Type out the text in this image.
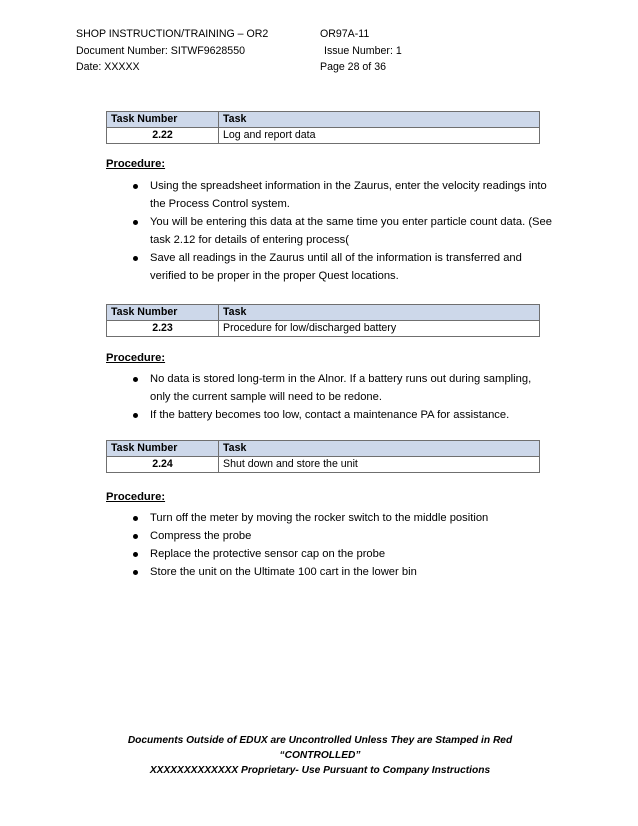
SHOP INSTRUCTION/TRAINING – OR2
Document Number: SITWF9628550
Date: XXXXX
OR97A-11
Issue Number: 1
Page 28 of 36
Task Number	Task
2.22	Log and report data
Procedure:
Using the spreadsheet information in the Zaurus, enter the velocity readings into the Process Control system.
You will be entering this data at the same time you enter particle count data. (See task 2.12 for details of entering process(
Save all readings in the Zaurus until all of the information is transferred and verified to be proper in the proper Quest locations.
Task Number	Task
2.23	Procedure for low/discharged battery
Procedure:
No data is stored long-term in the Alnor. If a battery runs out during sampling, only the current sample will need to be redone.
If the battery becomes too low, contact a maintenance PA for assistance.
Task Number	Task
2.24	Shut down and store the unit
Procedure:
Turn off the meter by moving the rocker switch to the middle position
Compress the probe
Replace the protective sensor cap on the probe
Store the unit on the Ultimate 100 cart in the lower bin
Documents Outside of EDUX are Uncontrolled Unless They are Stamped in Red
“CONTROLLED”
XXXXXXXXXXXXX Proprietary- Use Pursuant to Company Instructions
